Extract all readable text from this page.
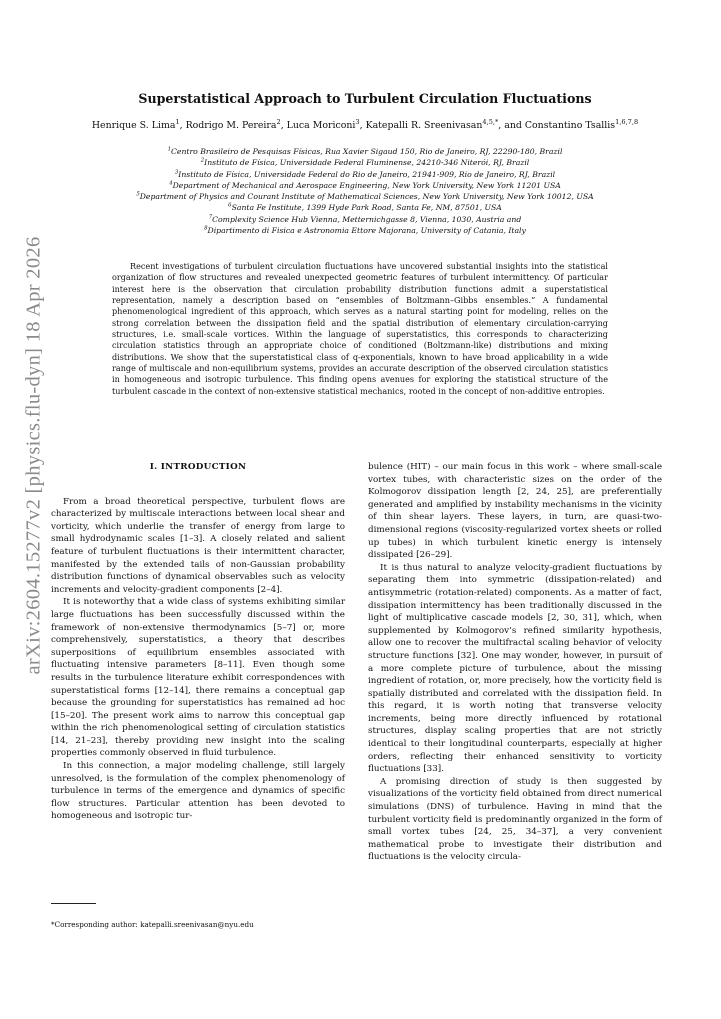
arXiv:2604.15277v2 [physics.flu-dyn] 18 Apr 2026
Superstatistical Approach to Turbulent Circulation Fluctuations
Henrique S. Lima$^1$, Rodrigo M. Pereira$^2$, Luca Moriconi$^3$, Katepalli R. Sreenivasan$^{4,5,*}$, and Constantino Tsallis$^{1,6,7,8}$
$^1$Centro Brasileiro de Pesquisas Físicas, Rua Xavier Sigaud 150, Rio de Janeiro, RJ, 22290-180, Brazil
$^2$Instituto de Física, Universidade Federal Fluminense, 24210-346 Niterói, RJ, Brazil
$^3$Instituto de Física, Universidade Federal do Rio de Janeiro, 21941-909, Rio de Janeiro, RJ, Brazil
$^4$Department of Mechanical and Aerospace Engineering, New York University, New York 11201 USA
$^5$Department of Physics and Courant Institute of Mathematical Sciences, New York University, New York 10012, USA
$^6$Santa Fe Institute, 1399 Hyde Park Road, Santa Fe, NM, 87501, USA
$^7$Complexity Science Hub Vienna, Metternichgasse 8, Vienna, 1030, Austria and
$^8$Dipartimento di Fisica e Astronomia Ettore Majorana, University of Catania, Italy
Recent investigations of turbulent circulation fluctuations have uncovered substantial insights into the statistical organization of flow structures and revealed unexpected geometric features of turbulent intermittency. Of particular interest here is the observation that circulation probability distribution functions admit a superstatistical representation, namely a description based on “ensembles of Boltzmann–Gibbs ensembles.” A fundamental phenomenological ingredient of this approach, which serves as a natural starting point for modeling, relies on the strong correlation between the dissipation field and the spatial distribution of elementary circulation-carrying structures, i.e. small-scale vortices. Within the language of superstatistics, this corresponds to characterizing circulation statistics through an appropriate choice of conditioned (Boltzmann-like) distributions and mixing distributions. We show that the superstatistical class of q-exponentials, known to have broad applicability in a wide range of multiscale and non-equilibrium systems, provides an accurate description of the observed circulation statistics in homogeneous and isotropic turbulence. This finding opens avenues for exploring the statistical structure of the turbulent cascade in the context of non-extensive statistical mechanics, rooted in the concept of non-additive entropies.
I. INTRODUCTION

From a broad theoretical perspective, turbulent flows are characterized by multiscale interactions between local shear and vorticity, which underlie the transfer of energy from large to small hydrodynamic scales [1–3]. A closely related and salient feature of turbulent fluctuations is their intermittent character, manifested by the extended tails of non-Gaussian probability distribution functions of dynamical observables such as velocity increments and velocity-gradient components [2–4].

It is noteworthy that a wide class of systems exhibiting similar large fluctuations has been successfully discussed within the framework of non-extensive thermodynamics [5–7] or, more comprehensively, superstatistics, a theory that describes superpositions of equilibrium ensembles associated with fluctuating intensive parameters [8–11]. Even though some results in the turbulence literature exhibit correspondences with superstatistical forms [12–14], there remains a conceptual gap because the grounding for superstatistics has remained ad hoc [15–20]. The present work aims to narrow this conceptual gap within the rich phenomenological setting of circulation statistics [14, 21–23], thereby providing new insight into the scaling properties commonly observed in fluid turbulence.

In this connection, a major modeling challenge, still largely unresolved, is the formulation of the complex phenomenology of turbulence in terms of the emergence and dynamics of specific flow structures. Particular attention has been devoted to homogeneous and isotropic tur-

bulence (HIT) – our main focus in this work – where small-scale vortex tubes, with characteristic sizes on the order of the Kolmogorov dissipation length [2, 24, 25], are preferentially generated and amplified by instability mechanisms in the vicinity of thin shear layers. These layers, in turn, are quasi-two-dimensional regions (viscosity-regularized vortex sheets or rolled up tubes) in which turbulent kinetic energy is intensely dissipated [26–29].

It is thus natural to analyze velocity-gradient fluctuations by separating them into symmetric (dissipation-related) and antisymmetric (rotation-related) components. As a matter of fact, dissipation intermittency has been traditionally discussed in the light of multiplicative cascade models [2, 30, 31], which, when supplemented by Kolmogorov’s refined similarity hypothesis, allow one to recover the multifractal scaling behavior of velocity structure functions [32]. One may wonder, however, in pursuit of a more complete picture of turbulence, about the missing ingredient of rotation, or, more precisely, how the vorticity field is spatially distributed and correlated with the dissipation field. In this regard, it is worth noting that transverse velocity increments, being more directly influenced by rotational structures, display scaling properties that are not strictly identical to their longitudinal counterparts, especially at higher orders, reflecting their enhanced sensitivity to vorticity fluctuations [33].

A promising direction of study is then suggested by visualizations of the vorticity field obtained from direct numerical simulations (DNS) of turbulence. Having in mind that the turbulent vorticity field is predominantly organized in the form of small vortex tubes [24, 25, 34–37], a very convenient mathematical probe to investigate their distribution and fluctuations is the velocity circula-

*Corresponding author: katepalli.sreenivasan@nyu.edu
